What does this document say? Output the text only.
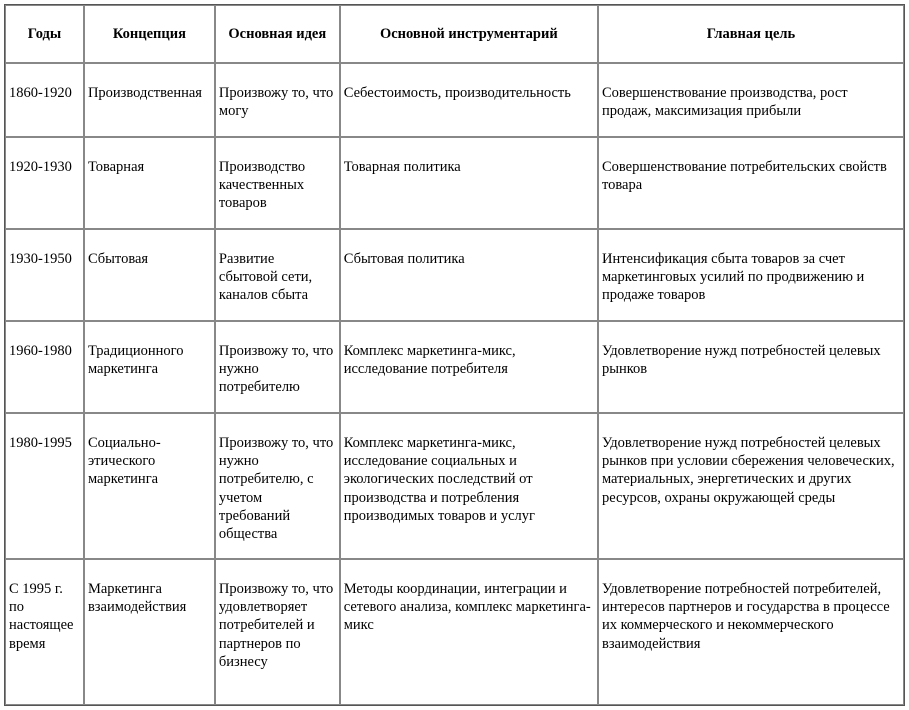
Годы	Концепция	Основная идея	Основной инструментарий	Главная цель
1860-1920	Производственная	Произвожу то, что могу	Себестоимость, производительность	Совершенствование производства, рост продаж, максимизация прибыли
1920-1930	Товарная	Производство качественных товаров	Товарная политика	Совершенствование потребительских свойств товара
1930-1950	Сбытовая	Развитие сбытовой сети, каналов сбыта	Сбытовая политика	Интенсификация сбыта товаров за счет маркетинговых усилий по продвижению и продаже товаров
1960-1980	Традиционного маркетинга	Произвожу то, что нужно потребителю	Комплекс маркетинга-микс, исследование потребителя	Удовлетворение нужд потребностей целевых рынков
1980-1995	Социально-этического маркетинга	Произвожу то, что нужно потребителю, с учетом требований общества	Комплекс маркетинга-микс, исследование социальных и экологических последствий от производства и потребления производимых товаров и услуг	Удовлетворение нужд потребностей целевых рынков при условии сбережения человеческих, материальных, энергетических и других ресурсов, охраны окружающей среды
С 1995 г. по настоящее время	Маркетинга взаимодействия	Произвожу то, что удовлетворяет потребителей и партнеров по бизнесу	Методы координации, интеграции и сетевого анализа, комплекс маркетинга-микс	Удовлетворение потребностей потребителей, интересов партнеров и государства в процессе их коммерческого и некоммерческого взаимодействия
